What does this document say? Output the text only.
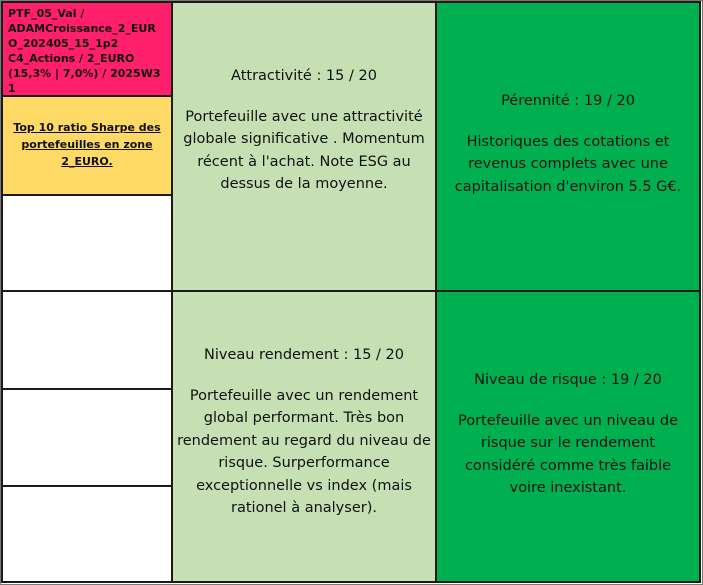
PTF_05_Val /
ADAMCroissance_2_EUR
O_202405_15_1p2
C4_Actions / 2_EURO
(15,3% | 7,0%) / 2025W31
Top 10 ratio Sharpe des portefeuilles en zone 2_EURO.
Attractivité : 15 / 20
Portefeuille avec une attractivité globale significative . Momentum récent à l'achat. Note ESG au dessus de la moyenne.
Pérennité : 19 / 20
Historiques des cotations et revenus complets avec une capitalisation d'environ 5.5 G€.
Niveau rendement : 15 / 20
Portefeuille avec un rendement global performant. Très bon rendement au regard du niveau de risque. Surperformance exceptionnelle vs index (mais rationel à analyser).
Niveau de risque : 19 / 20
Portefeuille avec un niveau de risque sur le rendement considéré comme très faible voire inexistant.
